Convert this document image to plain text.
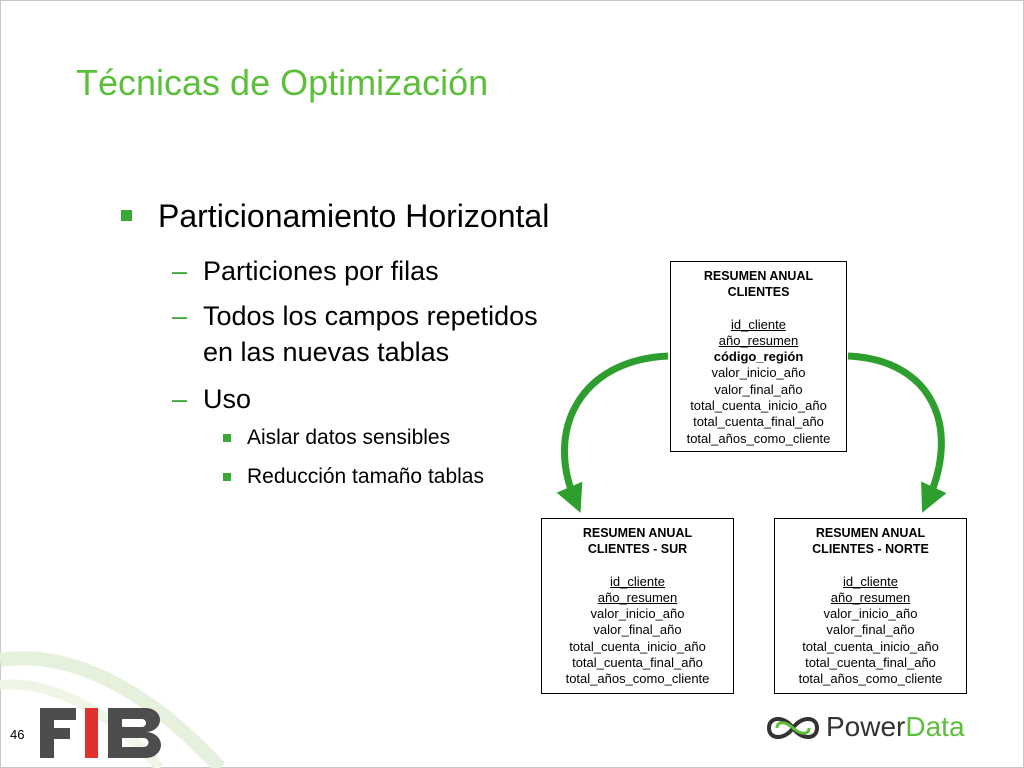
Técnicas de Optimización
Particionamiento Horizontal
– Particiones por filas
– Todos los campos repetidos
en las nuevas tablas
– Uso
Aislar datos sensibles
Reducción tamaño tablas
RESUMEN ANUAL
CLIENTES
id_cliente
año_resumen
código_región
valor_inicio_año
valor_final_año
total_cuenta_inicio_año
total_cuenta_final_año
total_años_como_cliente
RESUMEN ANUAL
CLIENTES - SUR
id_cliente
año_resumen
valor_inicio_año
valor_final_año
total_cuenta_inicio_año
total_cuenta_final_año
total_años_como_cliente
RESUMEN ANUAL
CLIENTES - NORTE
id_cliente
año_resumen
valor_inicio_año
valor_final_año
total_cuenta_inicio_año
total_cuenta_final_año
total_años_como_cliente
46	PowerData
